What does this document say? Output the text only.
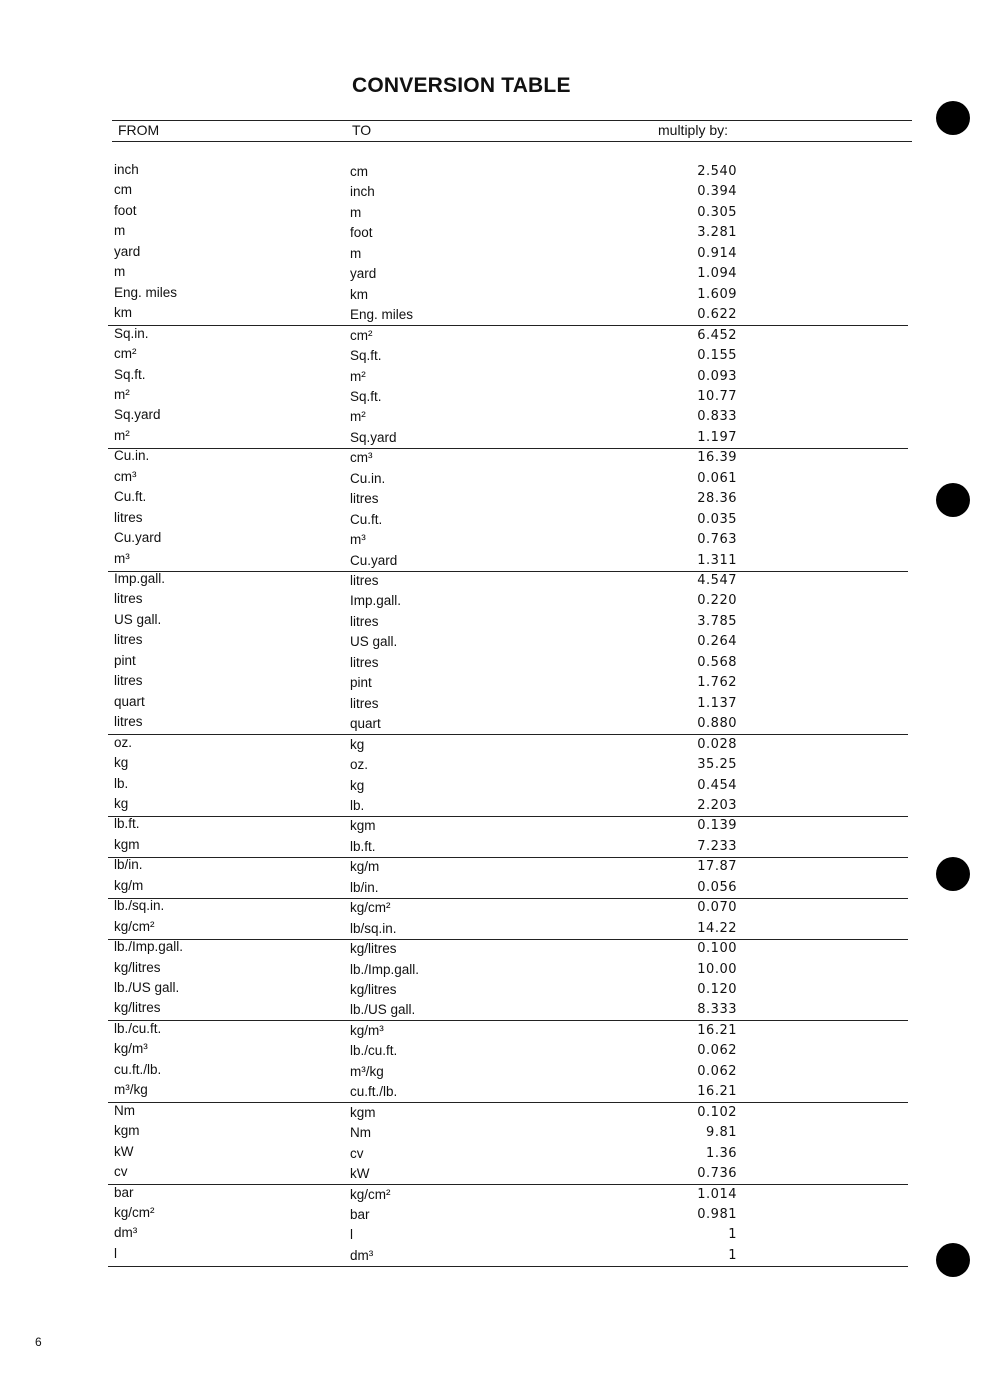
CONVERSION TABLE
FROM	TO	multiply by:
inch	cm	2.540
cm	inch	0.394
foot	m	0.305
m	foot	3.281
yard	m	0.914
m	yard	1.094
Eng. miles	km	1.609
km	Eng. miles	0.622
Sq.in.	cm²	6.452
cm²	Sq.ft.	0.155
Sq.ft.	m²	0.093
m²	Sq.ft.	10.77
Sq.yard	m²	0.833
m²	Sq.yard	1.197
Cu.in.	cm³	16.39
cm³	Cu.in.	0.061
Cu.ft.	litres	28.36
litres	Cu.ft.	0.035
Cu.yard	m³	0.763
m³	Cu.yard	1.311
Imp.gall.	litres	4.547
litres	Imp.gall.	0.220
US gall.	litres	3.785
litres	US gall.	0.264
pint	litres	0.568
litres	pint	1.762
quart	litres	1.137
litres	quart	0.880
oz.	kg	0.028
kg	oz.	35.25
lb.	kg	0.454
kg	lb.	2.203
lb.ft.	kgm	0.139
kgm	lb.ft.	7.233
lb/in.	kg/m	17.87
kg/m	lb/in.	0.056
lb./sq.in.	kg/cm²	0.070
kg/cm²	lb/sq.in.	14.22
lb./Imp.gall.	kg/litres	0.100
kg/litres	lb./Imp.gall.	10.00
lb./US gall.	kg/litres	0.120
kg/litres	lb./US gall.	8.333
lb./cu.ft.	kg/m³	16.21
kg/m³	lb./cu.ft.	0.062
cu.ft./lb.	m³/kg	0.062
m³/kg	cu.ft./lb.	16.21
Nm	kgm	0.102
kgm	Nm	9.81
kW	cv	1.36
cv	kW	0.736
bar	kg/cm²	1.014
kg/cm²	bar	0.981
dm³	l	1
l	dm³	1
6
